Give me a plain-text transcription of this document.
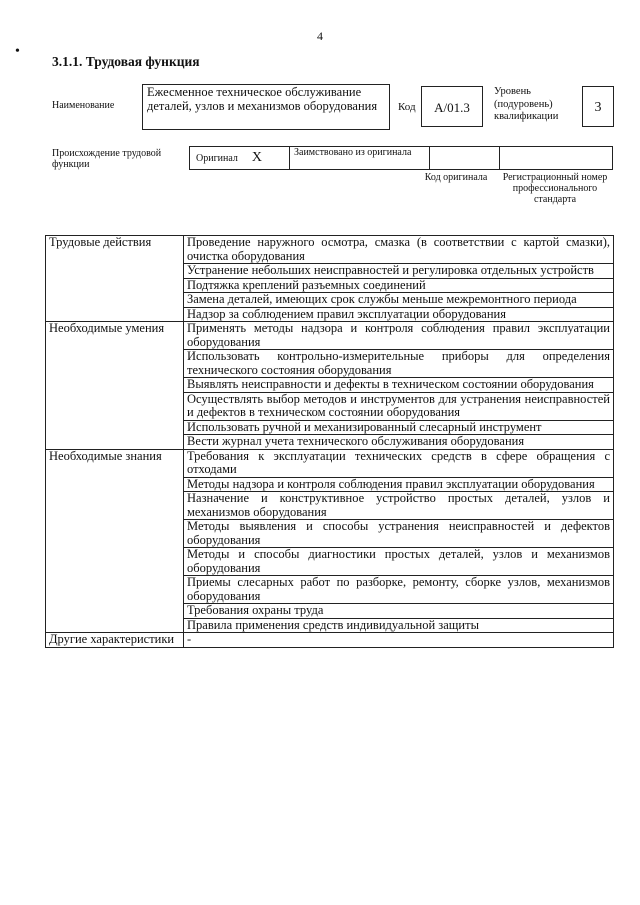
4
•
3.1.1. Трудовая функция
Наименование
Ежесменное техническое обслуживание деталей, узлов и механизмов оборудования	Код	A/01.3
Уровень (подуровень) квалификации
3
Происхождение трудовой функции
Оригинал X	Заимствовано из оригинала
Код оригинала	Регистрационный номер профессионального стандарта
Трудовые действия	Проведение наружного осмотра, смазка (в соответствии с картой смазки), очистка оборудования
	Устранение небольших неисправностей и регулировка отдельных устройств
	Подтяжка креплений разъемных соединений
	Замена деталей, имеющих срок службы меньше межремонтного периода
	Надзор за соблюдением правил эксплуатации оборудования
Необходимые умения	Применять методы надзора и контроля соблюдения правил эксплуатации оборудования
	Использовать контрольно-измерительные приборы для определения технического состояния оборудования
	Выявлять неисправности и дефекты в техническом состоянии оборудования
	Осуществлять выбор методов и инструментов для устранения неисправностей и дефектов в техническом состоянии оборудования
	Использовать ручной и механизированный слесарный инструмент
	Вести журнал учета технического обслуживания оборудования
Необходимые знания	Требования к эксплуатации технических средств в сфере обращения с отходами
	Методы надзора и контроля соблюдения правил эксплуатации оборудования
	Назначение и конструктивное устройство простых деталей, узлов и механизмов оборудования
	Методы выявления и способы устранения неисправностей и дефектов оборудования
	Методы и способы диагностики простых деталей, узлов и механизмов оборудования
	Приемы слесарных работ по разборке, ремонту, сборке узлов, механизмов оборудования
	Требования охраны труда
	Правила применения средств индивидуальной защиты
Другие характеристики	-
